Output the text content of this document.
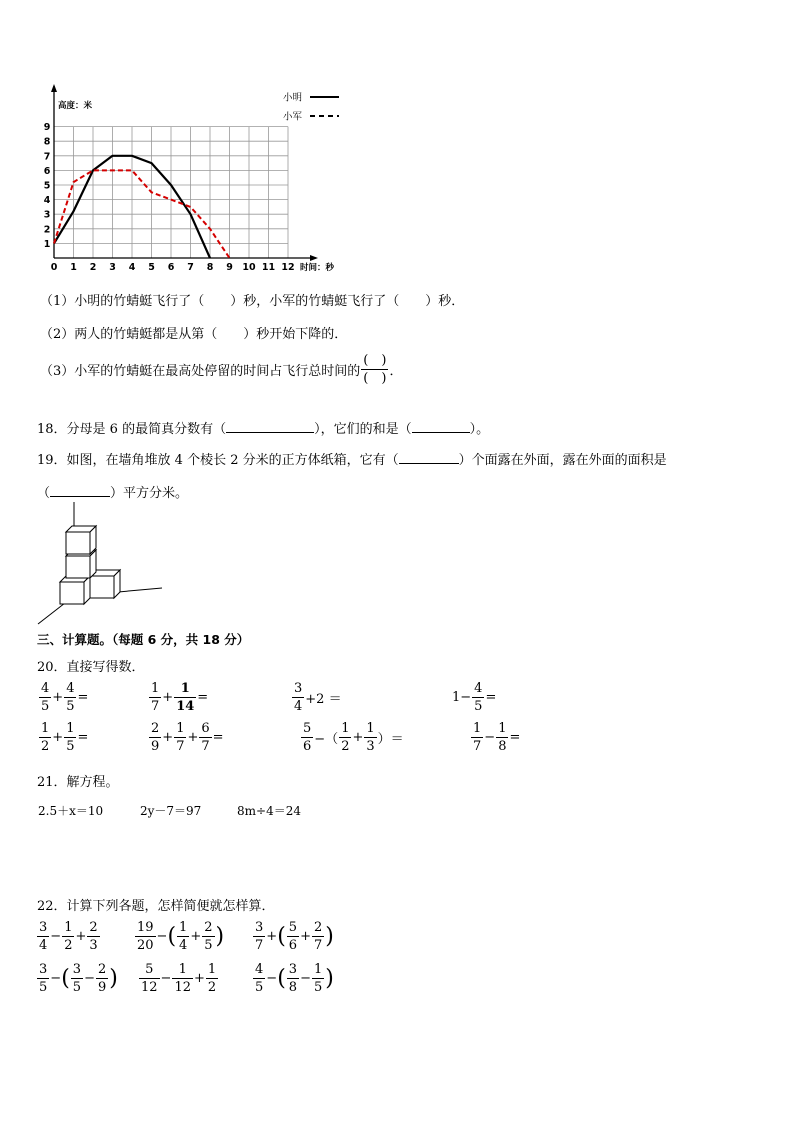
0 1 2 3 4 5 6 7 8 9 10 11 12
1
2
3
4
5
6
7
8
9
高度：米
时间：秒
小明
小军
（1）小明的竹蜻蜓飞行了（　　）秒，小军的竹蜻蜓飞行了（　　）秒．
（2）两人的竹蜻蜓都是从第（　　）秒开始下降的．
（3）小军的竹蜻蜓在最高处停留的时间占飞行总时间的 $\frac{( )}{( )}$ ．
18．分母是 6 的最简真分数有（	），它们的和是（	）。
19．如图，在墙角堆放 4 个棱长 2 分米的正方体纸箱，它有（	）个面露在外面，露在外面的面积是
（	）平方分米。
三、计算题。（每题 6 分，共 18 分）
20．直接写得数．
$\frac{4}{5} + \frac{4}{5}$ =	$\frac{1}{7} + \frac{1}{14}$ =	$\frac{3}{4} +2$ ＝	$1- \frac{4}{5}$ =
$\frac{1}{2} + \frac{1}{5}$ =	$\frac{2}{9} + \frac{1}{7} + \frac{6}{7}$ =	$\frac{5}{6}$ −（ $\frac{1}{2} + \frac{1}{3}$ ）＝	$\frac{1}{7} - \frac{1}{8}$ =
21．解方程。
2.5＋x＝10	2y－7＝97	8m÷4＝24
22．计算下列各题，怎样简便就怎样算．
$\frac{3}{4} - \frac{1}{2} + \frac{2}{3}$	$\frac{19}{20}$ − ( $\frac{1}{4} + \frac{2}{5}$ ) $\frac{3}{7}$ + ( $\frac{5}{6} + \frac{2}{7}$ )
$\frac{3}{5}$ − ( $\frac{3}{5} - \frac{2}{9}$ ) $\frac{5}{12} - \frac{1}{12} + \frac{1}{2}$	$\frac{4}{5}$ − ( $\frac{3}{8} - \frac{1}{5}$ )
